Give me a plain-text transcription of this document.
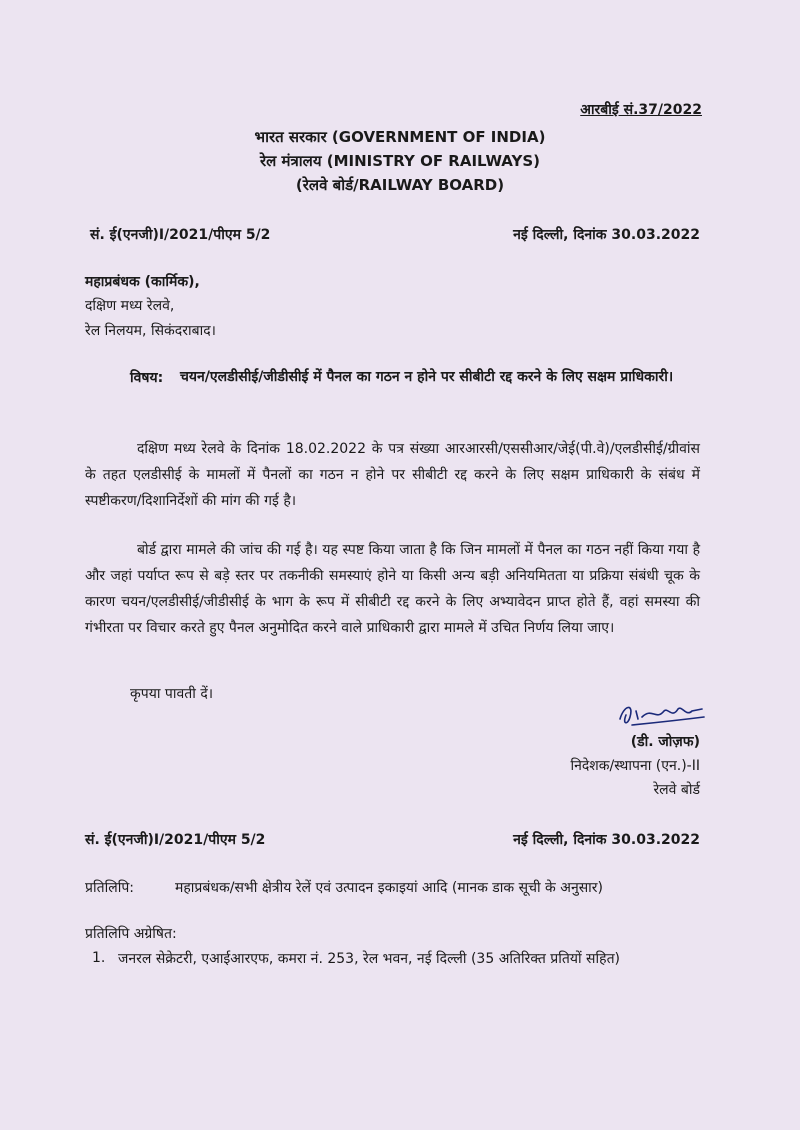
आरबीई सं.37/2022
भारत सरकार (GOVERNMENT OF INDIA)
रेल मंत्रालय (MINISTRY OF RAILWAYS)
(रेलवे बोर्ड/RAILWAY BOARD)
सं. ई(एनजी)I/2021/पीएम 5/2	नई दिल्ली, दिनांक 30.03.2022
महाप्रबंधक (कार्मिक),
दक्षिण मध्य रेलवे,
रेल निलयम, सिकंदराबाद।
विषय: चयन/एलडीसीई/जीडीसीई में पैनल का गठन न होने पर सीबीटी रद्द करने के लिए सक्षम प्राधिकारी।
दक्षिण मध्य रेलवे के दिनांक 18.02.2022 के पत्र संख्या आरआरसी/एससीआर/जेई(पी.वे)/एलडीसीई/ग्रीवांस के तहत एलडीसीई के मामलों में पैनलों का गठन न होने पर सीबीटी रद्द करने के लिए सक्षम प्राधिकारी के संबंध में स्पष्टीकरण/दिशानिर्देशों की मांग की गई है।
बोर्ड द्वारा मामले की जांच की गई है। यह स्पष्ट किया जाता है कि जिन मामलों में पैनल का गठन नहीं किया गया है और जहां पर्याप्त रूप से बड़े स्तर पर तकनीकी समस्याएं होने या किसी अन्य बड़ी अनियमितता या प्रक्रिया संबंधी चूक के कारण चयन/एलडीसीई/जीडीसीई के भाग के रूप में सीबीटी रद्द करने के लिए अभ्यावेदन प्राप्त होते हैं, वहां समस्या की गंभीरता पर विचार करते हुए पैनल अनुमोदित करने वाले प्राधिकारी द्वारा मामले में उचित निर्णय लिया जाए।
कृपया पावती दें।
(डी. जोज़फ)
निदेशक/स्थापना (एन.)-II
रेलवे बोर्ड
सं. ई(एनजी)I/2021/पीएम 5/2	नई दिल्ली, दिनांक 30.03.2022
प्रतिलिपि:	महाप्रबंधक/सभी क्षेत्रीय रेलें एवं उत्पादन इकाइयां आदि (मानक डाक सूची के अनुसार)
प्रतिलिपि अग्रेषित:
1. जनरल सेक्रेटरी, एआईआरएफ, कमरा नं. 253, रेल भवन, नई दिल्ली (35 अतिरिक्त प्रतियों सहित)
